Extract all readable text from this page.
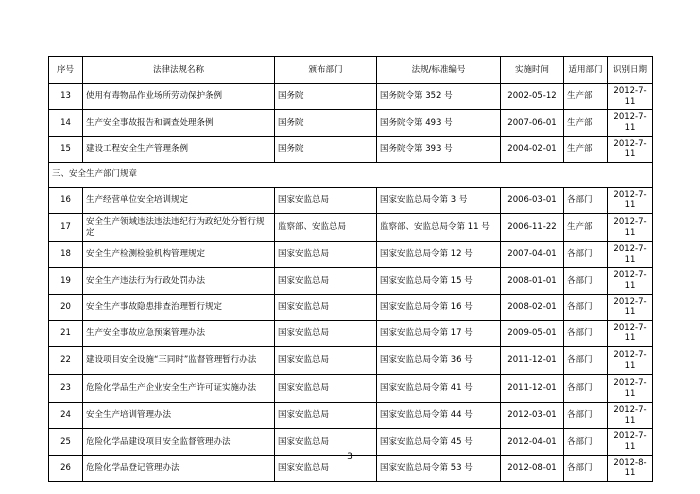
序号	法律法规名称	颁布部门	法规/标准编号	实施时间	适用部门	识别日期
13	使用有毒物品作业场所劳动保护条例	国务院	国务院令第 352 号	2002-05-12	生产部	2012-7-11
14	生产安全事故报告和调查处理条例	国务院	国务院令第 493 号	2007-06-01	生产部	2012-7-11
15	建设工程安全生产管理条例	国务院	国务院令第 393 号	2004-02-01	生产部	2012-7-11
三、安全生产部门规章						
16	生产经营单位安全培训规定	国家安监总局	国家安监总局令第 3 号	2006-03-01	各部门	2012-7-11
17	安全生产领域违法违法违纪行为政纪处分暂行规定	监察部、安监总局	监察部、安监总局令第 11 号	2006-11-22	生产部	2012-7-11
18	安全生产检测检验机构管理规定	国家安监总局	国家安监总局令第 12 号	2007-04-01	各部门	2012-7-11
19	安全生产违法行为行政处罚办法	国家安监总局	国家安监总局令第 15 号	2008-01-01	各部门	2012-7-11
20	安全生产事故隐患排查治理暂行规定	国家安监总局	国家安监总局令第 16 号	2008-02-01	各部门	2012-7-11
21	生产安全事故应急预案管理办法	国家安监总局	国家安监总局令第 17 号	2009-05-01	各部门	2012-7-11
22	建设项目安全设施“三同时”监督管理暂行办法	国家安监总局	国家安监总局令第 36 号	2011-12-01	各部门	2012-7-11
23	危险化学品生产企业安全生产许可证实施办法	国家安监总局	国家安监总局令第 41 号	2011-12-01	各部门	2012-7-11
24	安全生产培训管理办法	国家安监总局	国家安监总局令第 44 号	2012-03-01	各部门	2012-7-11
25	危险化学品建设项目安全监督管理办法	国家安监总局	国家安监总局令第 45 号	2012-04-01	各部门	2012-7-11
26	危险化学品登记管理办法	国家安监总局	国家安监总局令第 53 号	2012-08-01	各部门	2012-8-11
3
